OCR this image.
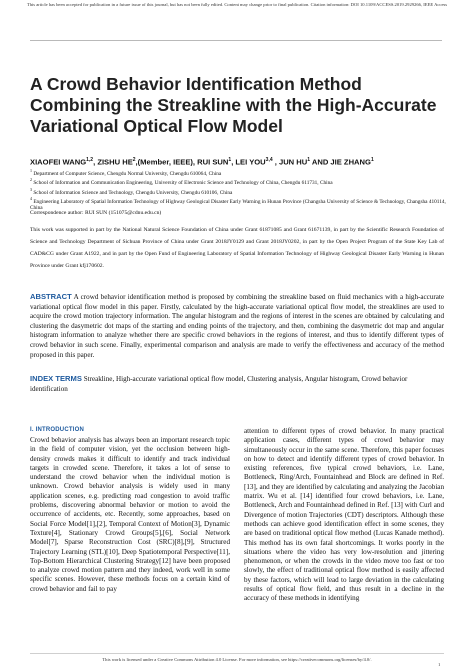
This article has been accepted for publication in a future issue of this journal, but has not been fully edited. Content may change prior to final publication. Citation information: DOI 10.1109/ACCESS.2019.2929266, IEEE Access
A Crowd Behavior Identification Method Combining the Streakline with the High-Accurate Variational Optical Flow Model
XIAOFEI WANG$^{1,2}$, ZISHU $HE^2,(Member$, IEEE), RUI SUN$^1$, LEI YOU$^{3,4}$ , JUN $HU^1$ AND JIE ZHANG$^1$
$^1$ Department of Computer Science, Chengdu Normal University, Chengdu 610064, China
$^2$ School of Information and Communication Engineering, University of Electronic Science and Technology of China, Chengdu 611731, China
$^3$ School of Information Science and Technology, Chengdu University, Chengdu 610106, China
$^4$ Engineering Laboratory of Spatial Information Technology of Highway Geological Disaster Early Warning in Hunan Province (Changsha University of Science & Technology, Changsha 410114, China
Correspondence author: RUI SUN (151075@cdnu.edu.cn)
This work was supported in part by the National Natural Science Foundation of China under Grant 61871085 and Grant 61671139, in part by the Scientific Research Foundation of Science and Technology Department of Sichuan Province of China under Grant 2018JY0129 and Grant 2018JY0202, in part by the Open Project Program of the State Key Lab of CAD&CG under Grant A1922, and in part by the Open Fund of Engineering Laboratory of Spatial Information Technology of Highway Geological Disaster Early Warning in Hunan Province under Grant kfj170602.
ABSTRACT A crowd behavior identification method is proposed by combining the streakline based on fluid mechanics with a high-accurate variational optical flow model in this paper. Firstly, calculated by the high-accurate variational optical flow model, the streaklines are used to acquire the crowd motion trajectory information. The angular histogram and the regions of interest in the scenes are obtained by calculating and clustering the dasymetric dot maps of the starting and ending points of the trajectory, and then, combining the dasymetric dot map and angular histogram information to analyze whether there are specific crowd behaviors in the regions of interest, and thus to identify different types of crowd behavior in such scene. Finally, experimental comparison and analysis are made to verify the effectiveness and accuracy of the method proposed in this paper.
INDEX TERMS Streakline, High-accurate variational optical flow model, Clustering analysis, Angular histogram, Crowd behavior identification
I. INTRODUCTION
Crowd behavior analysis has always been an important research topic in the field of computer vision, yet the occlusion between high-density crowds makes it difficult to identify and track individual targets in crowded scene. Therefore, it takes a lot of sense to understand the crowd behavior when the individual motion is unknown. Crowd behavior analysis is widely used in many application scenes, e.g. predicting road congestion to avoid traffic problems, discovering abnormal behavior or motion to avoid the occurrence of accidents, etc. Recently, some approaches, based on Social Force Model[1],[2], Temporal Context of Motion[3], Dynamic Texture[4], Stationary Crowd Groups[5],[6], Social Network Model[7], Sparse Reconstruction Cost (SRC)[8],[9], Structured Trajectory Learning (STL)[10], Deep Spatiotemporal Perspective[11], Top-Bottom Hierarchical Clustering Strategy[12] have been proposed to analyze crowd motion pattern and they indeed, work well in some specific scenes. However, these methods focus on a certain kind of crowd behavior and fail to pay
attention to different types of crowd behavior. In many practical application cases, different types of crowd behavior may simultaneously occur in the same scene. Therefore, this paper focuses on how to detect and identify different types of crowd behavior. In existing references, five typical crowd behaviors, i.e. Lane, Bottleneck, Ring/Arch, Fountainhead and Block are defined in Ref. [13], and they are identified by calculating and analyzing the Jacobian matrix. Wu et al. [14] identified four crowd behaviors, i.e. Lane, Bottleneck, Arch and Fountainhead defined in Ref. [13] with Curl and Divergence of motion Trajectories (CDT) descriptors. Although these methods can achieve good identification effect in some scenes, they are based on traditional optical flow method (Lucas Kanade method). This method has its own fatal shortcomings. It works poorly in the situations where the video has very low-resolution and jittering phenomenon, or when the crowds in the video move too fast or too slowly, the effect of traditional optical flow method is easily affected by these factors, which will lead to large deviation in the calculating results of optical flow field, and thus result in a decline in the accuracy of these methods in identifying
This work is licensed under a Creative Commons Attribution 4.0 License. For more information, see https://creativecommons.org/licenses/by/4.0/.
1
